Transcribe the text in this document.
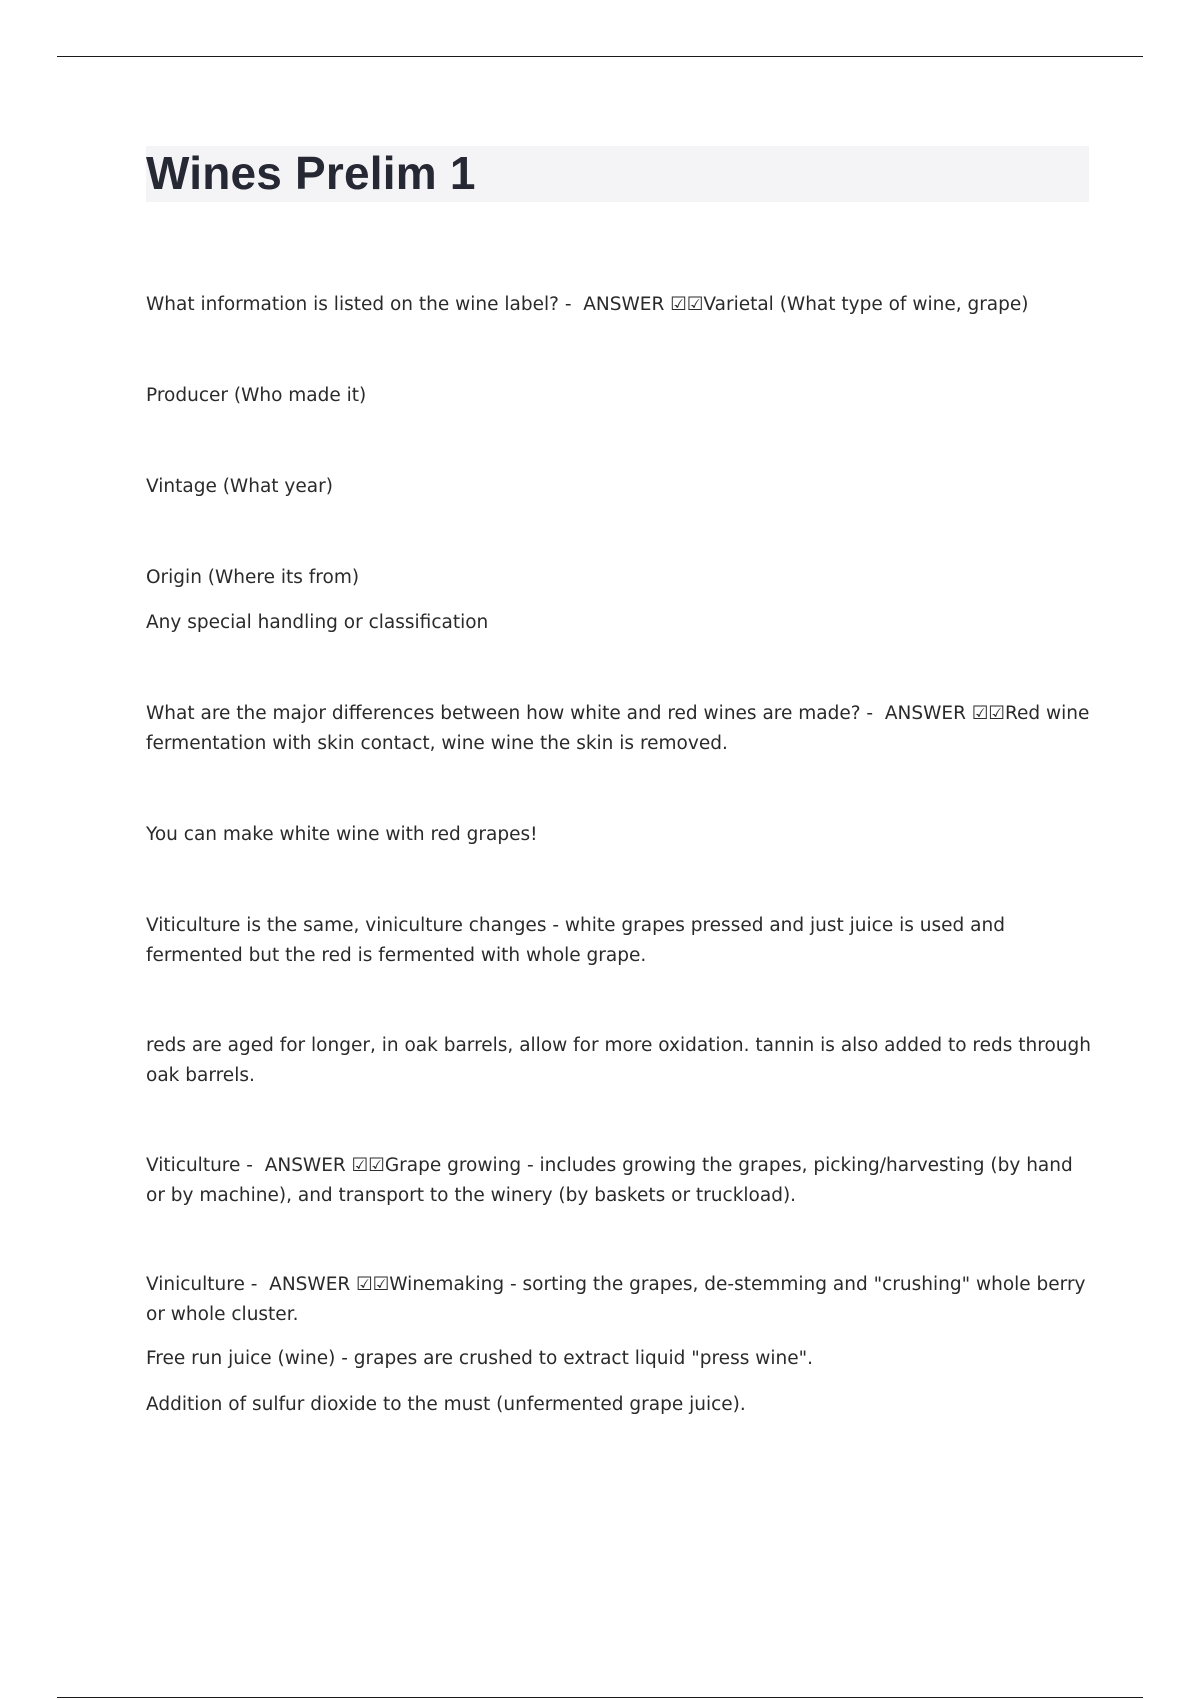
Wines Prelim 1

What information is listed on the wine label? -  ANSWER ☑☑Varietal (What type of wine, grape)

Producer (Who made it)

Vintage (What year)

Origin (Where its from)

Any special handling or classification

What are the major differences between how white and red wines are made? -  ANSWER ☑☑Red wine fermentation with skin contact, wine wine the skin is removed.

You can make white wine with red grapes!

Viticulture is the same, viniculture changes - white grapes pressed and just juice is used and fermented but the red is fermented with whole grape.

reds are aged for longer, in oak barrels, allow for more oxidation. tannin is also added to reds through oak barrels.

Viticulture -  ANSWER ☑☑Grape growing - includes growing the grapes, picking/harvesting (by hand or by machine), and transport to the winery (by baskets or truckload).

Viniculture -  ANSWER ☑☑Winemaking - sorting the grapes, de-stemming and "crushing" whole berry or whole cluster.

Free run juice (wine) - grapes are crushed to extract liquid "press wine".

Addition of sulfur dioxide to the must (unfermented grape juice).
